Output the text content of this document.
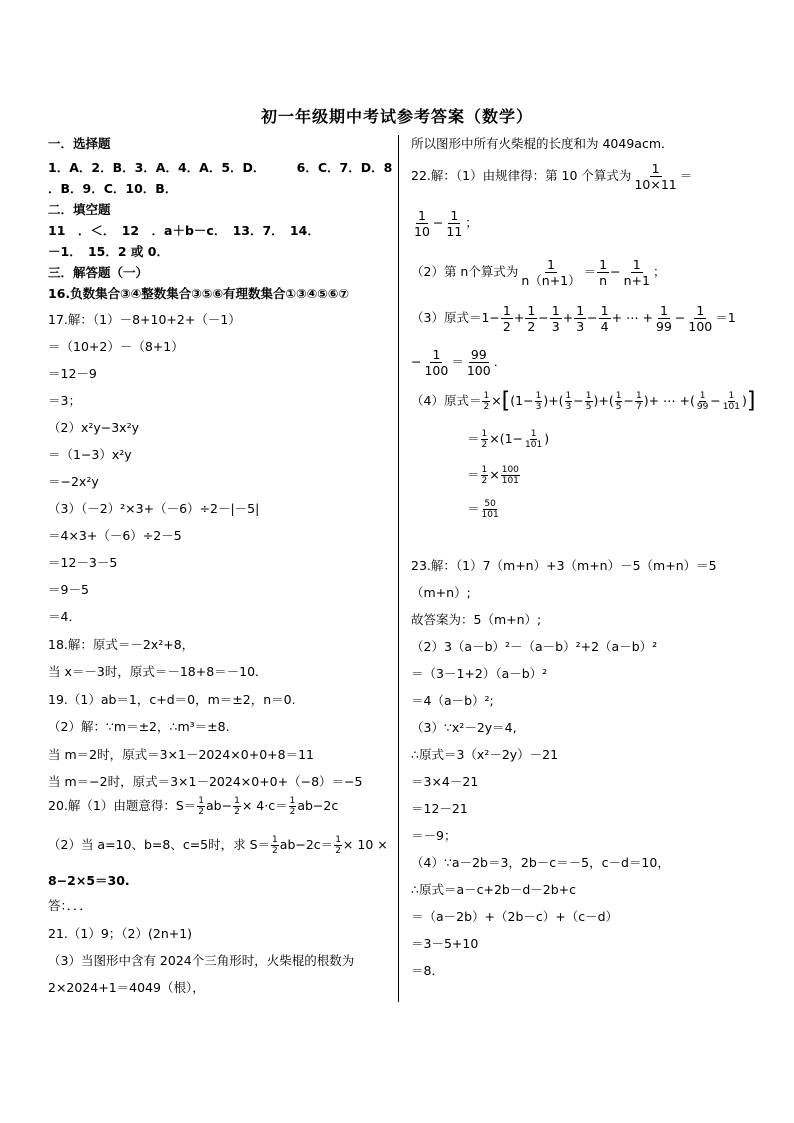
初一年级期中考试参考答案（数学）
一．选择题
1．A．2．B．3．A．4．A．5．D．　　　6．C．7．D．8
．B．9．C．10．B．
二．填空题
11　．＜．　12　．a＋b－c．　13．7．　14．
－1．　15．2 或 0．
三．解答题（一）
16.负数集合③④整数集合③⑤⑥有理数集合①③④⑤⑥⑦
17.解：（1）－8+10+2+（－1）
＝（10+2）－（8+1）
＝12－9
＝3；
（2）x²y−3x²y
＝（1−3）x²y
＝−2x²y
（3）（－2）²×3+（－6）÷2－|－5|
＝4×3+（－6）÷2－5
＝12－3－5
＝9－5
＝4．
18.解：原式＝－2x²+8，
当 x＝－3时，原式＝－18+8＝－10．
19.（1）ab＝1，c+d＝0，m＝±2，n＝0.
（2）解：∵m＝±2，∴m³＝±8.
当 m＝2时，原式＝3×1－2024×0+0+8＝11
当 m＝−2时，原式＝3×1－2024×0+0+（−8）＝−5
20.解（1）由题意得：$S= \frac{1}{2} ab- \frac{1}{2} \times 4\cdot c= \frac{1}{2} ab-2c$
（2）当 a=10、b=8、c=5时，求 $S= \frac{1}{2} ab-2c= \frac{1}{2} \times 10$ ×
8−2×5＝30.
答：．．．
21.（1）9；（2）(2n+1)
（3）当图形中含有 2024个三角形时，火柴棍的根数为
2×2024+1＝4049（根），
所以图形中所有火柴棍的长度和为 4049acm．
22.解：（1）由规律得：第 10 个算式为 $\frac{1}{10\times 11}$ ＝
$\frac{1}{10} - \frac{1}{11}$ ；
（2）第 n个算式为 $\frac{1}{n(n+1)} = \frac{1}{n} - \frac{1}{n+1}$ ；
（3）原式$=1- \frac{1}{2} + \frac{1}{2} - \frac{1}{3} + \frac{1}{3} - \frac{1}{4}$ + ⋯ + $\frac{1}{99} - \frac{1}{100} =1$
− $\frac{1}{100} = \frac{99}{100}$ ．
（4）原式＝ $\frac{1}{2} \times[(1- \frac{1}{3}$ )+( $\frac{1}{3} - \frac{1}{5}$ )+( $\frac{1}{5} - \frac{1}{7}$ )+ ⋯ +( $\frac{1}{99} - \frac{1}{101}$ )]
＝ $\frac{1}{2} \times(1- \frac{1}{101}$ )
＝ $\frac{1}{2} \times \frac{100}{101}$
＝ $\frac{50}{101}$
23.解：（1）7（m+n）+3（m+n）－5（m+n）＝5
（m+n）;
故答案为：5（m+n）;
（2）3（a－b）²－（a－b）²+2（a－b）²
＝（3－1+2）（a－b）²
＝4（a－b）²;
（3）∵x²－2y＝4,
∴原式＝3（x²－2y）－21
＝3×4－21
＝12－21
＝－9；
（4）∵a－2b＝3，2b－c＝－5，c－d＝10，
∴原式＝a－c+2b－d－2b+c
＝（a－2b）+（2b－c）+（c－d）
＝3－5+10
＝8．
